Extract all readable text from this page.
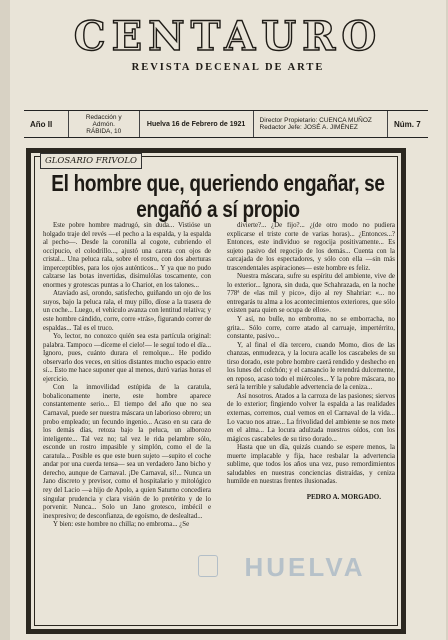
CENTAURO
REVISTA DECENAL DE ARTE
Año II
Redacción y Admón.
RÁBIDA, 10
Huelva 16 de Febrero de 1921 Director Propietario: CUENCA MUÑOZ
Redactor Jefe: JOSÉ A. JIMÉNEZ	Núm. 7
GLOSARIO FRIVOLO
El hombre que, queriendo engañar, se engañó a sí propio

Este pobre hombre madrugó, sin duda... Vistióse un holgado traje del revés —el pecho a la espalda, y la espalda al pecho—. Desde la coronilla al cogote, cubriendo el occipucio, el colodrillo..., ajustó una careta con ojos de cristal... Una peluca rala, sobre el rostro, con dos aberturas imperceptibles, para los ojos auténticos... Y ya que no pudo calzarse las botas invertidas, disimulólas toscamente, con enormes y grotescas puntas a lo Chariot, en los talones...

Atavíado así, orondo, satisfecho, guiñando un ojo de los suyos, bajo la peluca rala, el muy pillo, díose a la trasera de un coche... Luego, el vehículo avanza con lentitud relativa; y este hombre cándido, corre, corre «trás», figurando correr de espaldas... Tal es el truco.

Yo, lector, no conozco quién sea esta partícula original: palabra. Tampoco —díceme el cielo!— le seguí todo el día... Ignoro, pues, cuánto durara el remolque... He podido observarlo dos veces, en sitios distantes mucho espacio entre sí... Esto me hace suponer que al menos, duró varias horas el ejercicio.

Con la inmovilidad estúpida de la caratula, bobaliconamente inerte, este hombre aparece constantemente serio... El tiempo del año que no sea Carnaval, puede ser nuestra máscara un laborioso obrero; un probo empleado; un fecundo ingenio... Acaso en su cara de los demás días, retoza bajo la peluca, un alborozo inteligente... Tal vez no; tal vez le rida pelambre sólo, esconde un rostro impasible y simplón, como el de la caratula... Posible es que este buen sujeto —supito el coche andar por una cuerda tensa— sea un verdadero Jano bicho y derecho, aunque de Carnaval. ¡De Carnaval, sí!... Nunca un Jano discreto y previsor, como el hospitalario y mitológico rey del Lacio —a hijo de Apolo, a quien Saturno concediera singular prudencia y clara visión de lo pretérito y de lo porvenir. Nunca... Solo un Jano grotesco, imbécil e inexpresivo; de desconfianza, de egoísmo, de deslealtad...

Y bien: este hombre no chilla; no embroma... ¿Se

divierte?... ¿De fijo?... ¿(de otro modo no pudiera explicarse el triste corte de varias horas)... ¿Entonces...? Entonces, este individuo se regocija positivamente... Es sujeto pasivo del regocijo de los demás... Cuenta con la carcajada de los espectadores, y sólo con ella —sin más trascendentales aspiraciones— este hombre es feliz.

Nuestra máscara, sufre su espíritu del ambiente, vive de lo exterior... Ignora, sin duda, que Schahrazada, en la noche 778ª de «las mil y pico», dijo al rey Shahriar: «... no entregarás tu alma a los acontecimientos exteriores, que sólo existen para quien se ocupa de ellos».

Y así, no bulle, no embroma, no se emborracha, no grita... Sólo corre, corre atado al carruaje, impertérrito, constante, pasivo...

Y, al final el día tercero, cuando Momo, dios de las chanzas, enmudezca, y la locura acalle los cascabeles de su tirso dorado, este pobre hombre caerá rendido y deshecho en los lunes del colchón; y el cansancio le retendrá dulcemente, en reposo, acaso todo el miércoles... Y la pobre máscara, no será la terrible y saludable advertencia de la ceniza...

Así nosotros. Atados a la carroza de las pasiones; siervos de lo exterior; fingiendo volver la espalda a las realidades externas, corremos, cual vemos en el Carnaval de la vida... Lo vacuo nos atrae... La frivolidad del ambiente se nos mete en el alma... La locura adulzada nuestros oídos, con los mágicos cascabeles de su tirso dorado...

Hasta que un día, quizás cuando se espere menos, la muerte implacable y fija, hace resbalar la advertencia sublime, que todos los años una vez, puso remordimientos saludables en nuestras conciencias distraídas, y ceniza humilde en nuestras frentes ilusionadas.

PEDRO A. MORGADO.
HUELVA
